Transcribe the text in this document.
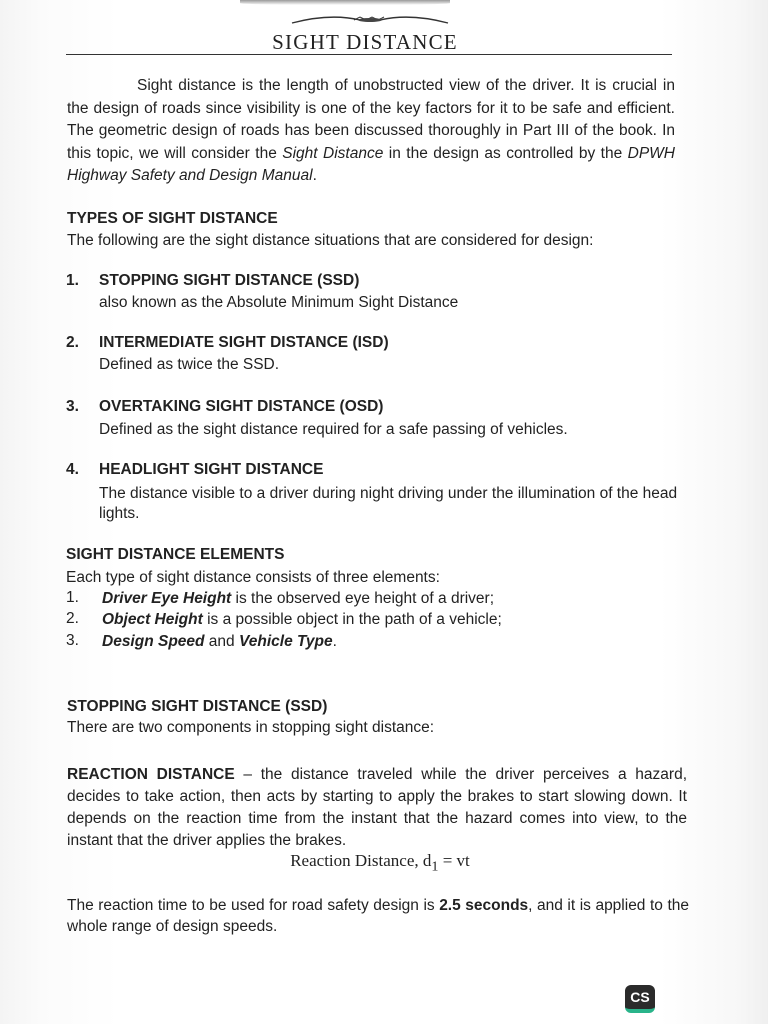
SIGHT DISTANCE
Sight distance is the length of unobstructed view of the driver. It is crucial in the design of roads since visibility is one of the key factors for it to be safe and efficient. The geometric design of roads has been discussed thoroughly in Part III of the book. In this topic, we will consider the Sight Distance in the design as controlled by the DPWH Highway Safety and Design Manual.
TYPES OF SIGHT DISTANCE
The following are the sight distance situations that are considered for design:
1. STOPPING SIGHT DISTANCE (SSD)
also known as the Absolute Minimum Sight Distance
2. INTERMEDIATE SIGHT DISTANCE (ISD)
Defined as twice the SSD.
3. OVERTAKING SIGHT DISTANCE (OSD)
Defined as the sight distance required for a safe passing of vehicles.
4. HEADLIGHT SIGHT DISTANCE
The distance visible to a driver during night driving under the illumination of the head lights.
SIGHT DISTANCE ELEMENTS
Each type of sight distance consists of three elements:
1. Driver Eye Height is the observed eye height of a driver;
2. Object Height is a possible object in the path of a vehicle;
3. Design Speed and Vehicle Type.
STOPPING SIGHT DISTANCE (SSD)
There are two components in stopping sight distance:
REACTION DISTANCE – the distance traveled while the driver perceives a hazard, decides to take action, then acts by starting to apply the brakes to start slowing down. It depends on the reaction time from the instant that the hazard comes into view, to the instant that the driver applies the brakes.
Reaction Distance, $d_1$ = vt
The reaction time to be used for road safety design is 2.5 seconds, and it is applied to the whole range of design speeds.
CS
